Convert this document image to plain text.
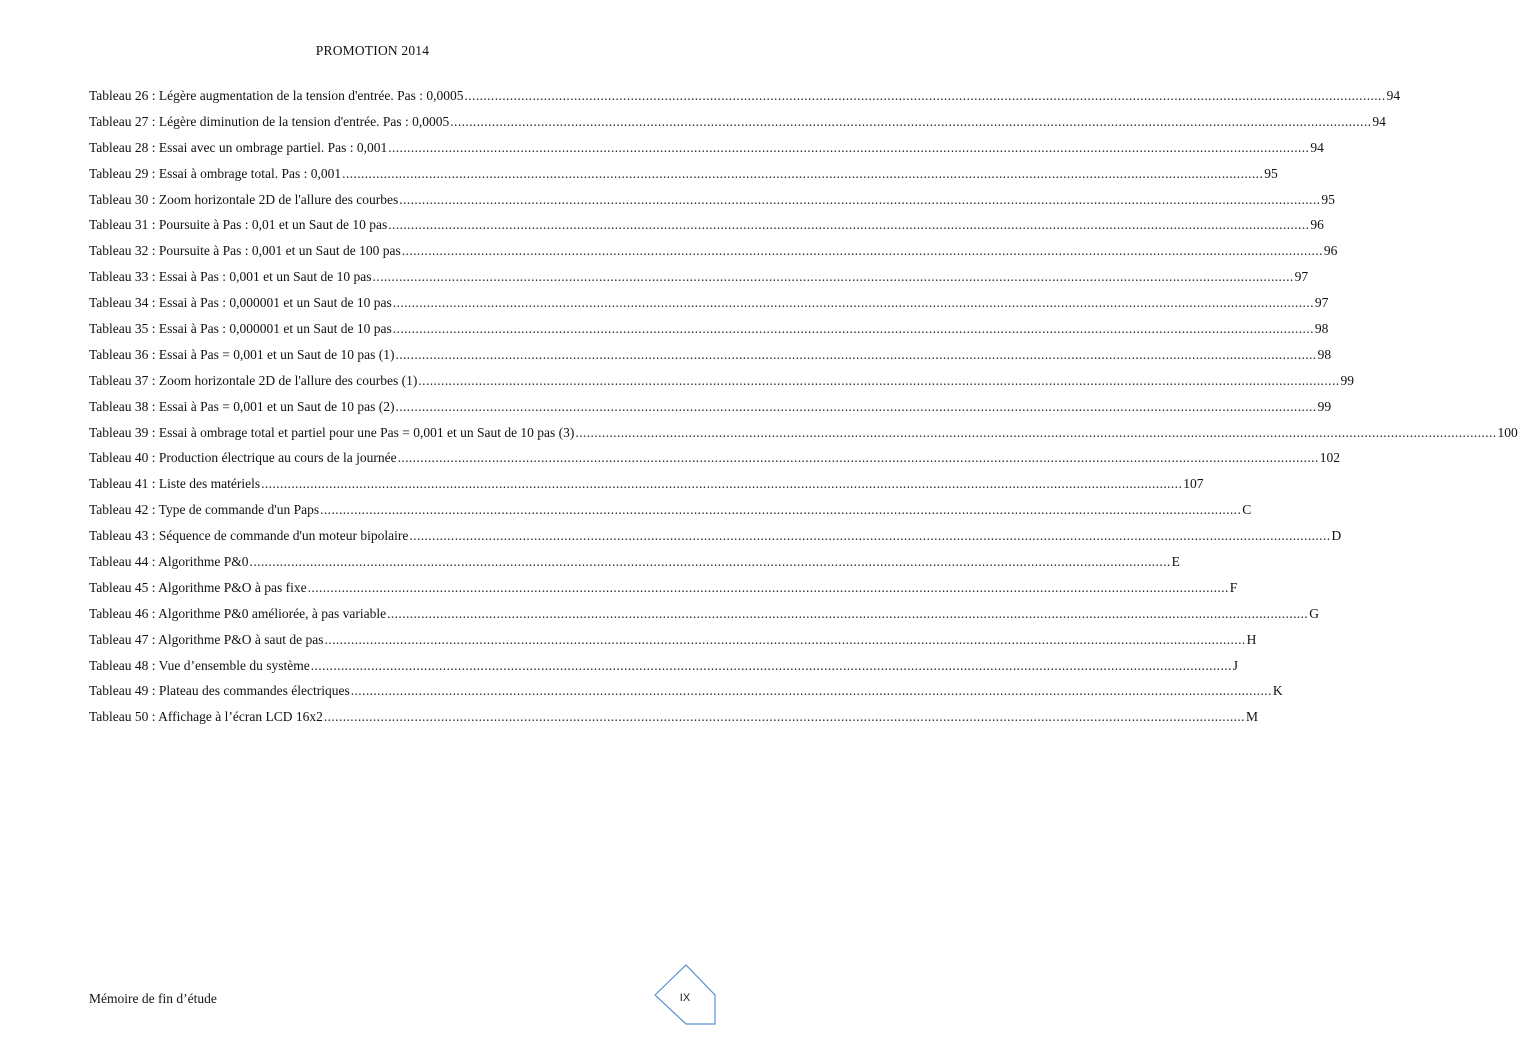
PROMOTION 2014
Tableau 26 : Légère augmentation de la tension d'entrée. Pas : 0,0005 .....	94
Tableau 27 : Légère diminution de la tension d'entrée. Pas : 0,0005 .....	94
Tableau 28 : Essai avec un ombrage partiel. Pas : 0,001 .....	94
Tableau 29 : Essai à ombrage total. Pas : 0,001 .....	95
Tableau 30 : Zoom horizontale 2D de l'allure des courbes .....	95
Tableau 31 : Poursuite à Pas : 0,01 et un Saut de 10 pas .....	96
Tableau 32 : Poursuite à Pas : 0,001 et un Saut de 100 pas .....	96
Tableau 33 : Essai à Pas : 0,001 et un Saut de 10 pas .....	97
Tableau 34 : Essai à Pas : 0,000001 et un Saut de 10 pas .....	97
Tableau 35 : Essai à Pas : 0,000001 et un Saut de 10 pas .....	98
Tableau 36 : Essai à Pas = 0,001 et un Saut de 10 pas (1) .....	98
Tableau 37 : Zoom horizontale 2D de l'allure des courbes (1) .....	99
Tableau 38 : Essai à Pas = 0,001 et un Saut de 10 pas (2) .....	99
Tableau 39 : Essai à ombrage total et partiel pour une Pas = 0,001 et un Saut de 10 pas (3) .....	100
Tableau 40 : Production électrique au cours de la journée .....	102
Tableau 41 : Liste des matériels .....	107
Tableau 42 : Type de commande d'un Paps .....	C
Tableau 43 : Séquence de commande d'un moteur bipolaire .....	D
Tableau 44 : Algorithme P&0 .....	E
Tableau 45 : Algorithme P&O à pas fixe .....	F
Tableau 46 : Algorithme P&0 améliorée, à pas variable .....	G
Tableau 47 : Algorithme P&O à saut de pas .....	H
Tableau 48 : Vue d’ensemble du système .....	J
Tableau 49 : Plateau des commandes électriques .....	K
Tableau 50 : Affichage à l’écran LCD 16x2 .....	M
Mémoire de fin d’étude	IX
